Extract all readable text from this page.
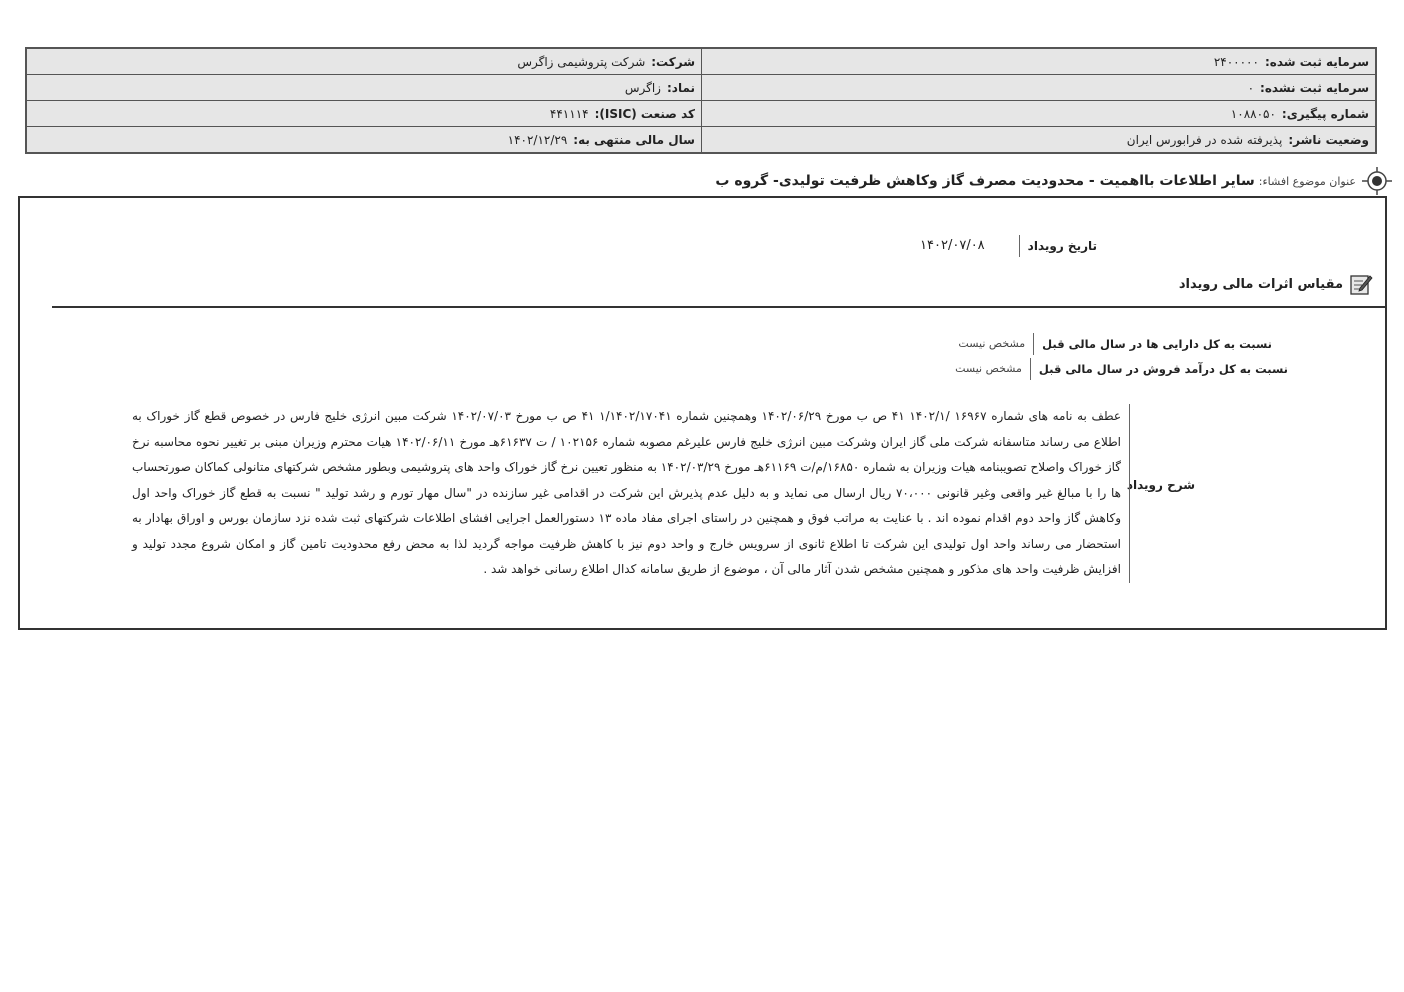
شرکت:شرکت پتروشیمی زاگرس	سرمایه ثبت شده:۲۴۰۰۰۰۰
نماد:زاگرس	سرمایه ثبت نشده:۰
کد صنعت (ISIC):۴۴۱۱۱۴	شماره پیگیری:۱۰۸۸۰۵۰
سال مالی منتهی به:۱۴۰۲/۱۲/۲۹	وضعیت ناشر:پذیرفته شده در فرابورس ایران
عنوان موضوع افشاء:
سایر اطلاعات بااهمیت - محدودیت مصرف گاز وکاهش ظرفیت تولیدی- گروه ب
تاریخ رویداد
۱۴۰۲/۰۷/۰۸
مقیاس اثرات مالی رویداد
نسبت به کل دارایی ها در سال مالی قبل
مشخص نیست
نسبت به کل درآمد فروش در سال مالی قبل
مشخص نیست
شرح رویداد
عطف به نامه های شماره ۱۶۹۶۷ /۱۴۰۲/۱ ۴۱ ص ب مورخ ۱۴۰۲/۰۶/۲۹ وهمچنین شماره ۱/۱۴۰۲/۱۷۰۴۱ ۴۱ ص ب مورخ ۱۴۰۲/۰۷/۰۳ شرکت مبین انرژی خلیج فارس در خصوص قطع گاز خوراک به اطلاع می رساند متاسفانه شرکت ملی گاز ایران وشرکت مبین انرژی خلیج فارس علیرغم مصوبه شماره ۱۰۲۱۵۶ / ت ۶۱۶۳۷هـ مورخ ۱۴۰۲/۰۶/۱۱ هیات محترم وزیران مبنی بر تغییر نحوه محاسبه نرخ گاز خوراک واصلاح تصویبنامه هیات وزیران به شماره ۱۶۸۵۰/م/ت ۶۱۱۶۹هـ مورخ ۱۴۰۲/۰۳/۲۹ به منظور تعیین نرخ گاز خوراک واحد های پتروشیمی وبطور مشخص شرکتهای متانولی کماکان صورتحساب ها را با مبالغ غیر واقعی وغیر قانونی ۷۰،۰۰۰ ریال ارسال می نماید و به دلیل عدم پذیرش این شرکت در اقدامی غیر سازنده در "سال مهار تورم و رشد تولید " نسبت به قطع گاز خوراک واحد اول وکاهش گاز واحد دوم اقدام نموده اند . با عنایت به مراتب فوق و همچنین در راستای اجرای مفاد ماده ۱۳ دستورالعمل اجرایی افشای اطلاعات شرکتهای ثبت شده نزد سازمان بورس و اوراق بهادار به استحضار می رساند واحد اول تولیدی این شرکت تا اطلاع ثانوی از سرویس خارج و واحد دوم نیز با کاهش ظرفیت مواجه گردید لذا به محض رفع محدودیت تامین گاز و امکان شروع مجدد تولید و افزایش ظرفیت واحد های مذکور و همچنین مشخص شدن آثار مالی آن ، موضوع از طریق سامانه کدال اطلاع رسانی خواهد شد .
